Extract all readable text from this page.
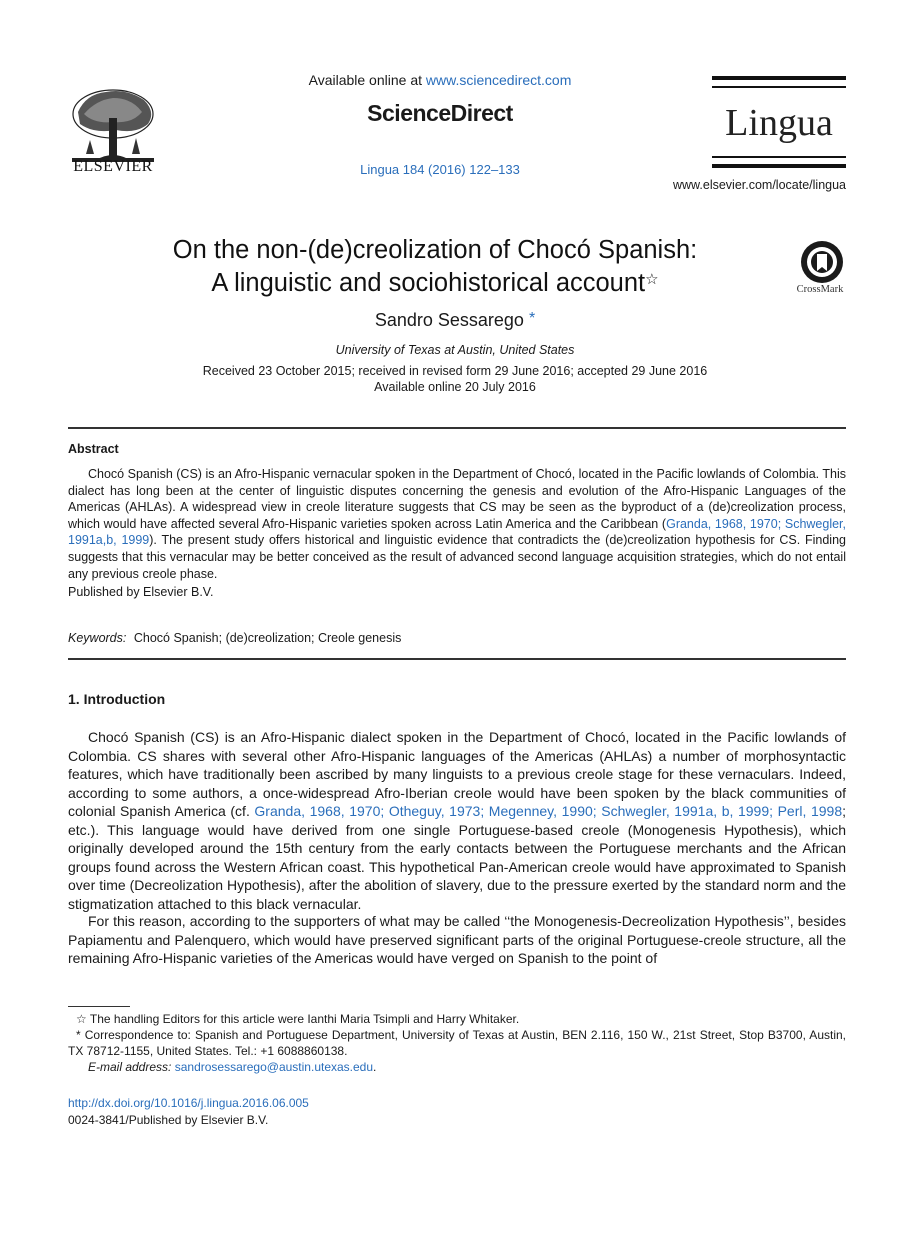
ELSEVIER
Available online at www.sciencedirect.com
ScienceDirect
Lingua 184 (2016) 122–133
Lingua
www.elsevier.com/locate/lingua
On the non-(de)creolization of Chocó Spanish:
A linguistic and sociohistorical account☆
CrossMark
Sandro Sessarego *
University of Texas at Austin, United States
Received 23 October 2015; received in revised form 29 June 2016; accepted 29 June 2016
Available online 20 July 2016
Abstract
Chocó Spanish (CS) is an Afro-Hispanic vernacular spoken in the Department of Chocó, located in the Pacific lowlands of Colombia. This dialect has long been at the center of linguistic disputes concerning the genesis and evolution of the Afro-Hispanic Languages of the Americas (AHLAs). A widespread view in creole literature suggests that CS may be seen as the byproduct of a (de)creolization process, which would have affected several Afro-Hispanic varieties spoken across Latin America and the Caribbean (Granda, 1968, 1970; Schwegler, 1991a,b, 1999). The present study offers historical and linguistic evidence that contradicts the (de)creolization hypothesis for CS. Finding suggests that this vernacular may be better conceived as the result of advanced second language acquisition strategies, which do not entail any previous creole phase.
Published by Elsevier B.V.
Keywords: Chocó Spanish; (de)creolization; Creole genesis
1. Introduction
Chocó Spanish (CS) is an Afro-Hispanic dialect spoken in the Department of Chocó, located in the Pacific lowlands of Colombia. CS shares with several other Afro-Hispanic languages of the Americas (AHLAs) a number of morphosyntactic features, which have traditionally been ascribed by many linguists to a previous creole stage for these vernaculars. Indeed, according to some authors, a once-widespread Afro-Iberian creole would have been spoken by the black communities of colonial Spanish America (cf. Granda, 1968, 1970; Otheguy, 1973; Megenney, 1990; Schwegler, 1991a, b, 1999; Perl, 1998; etc.). This language would have derived from one single Portuguese-based creole (Monogenesis Hypothesis), which originally developed around the 15th century from the early contacts between the Portuguese merchants and the African groups found across the Western African coast. This hypothetical Pan-American creole would have approximated to Spanish over time (Decreolization Hypothesis), after the abolition of slavery, due to the pressure exerted by the standard norm and the stigmatization attached to this black vernacular.
For this reason, according to the supporters of what may be called ‘‘the Monogenesis-Decreolization Hypothesis’’, besides Papiamentu and Palenquero, which would have preserved significant parts of the original Portuguese-creole structure, all the remaining Afro-Hispanic varieties of the Americas would have verged on Spanish to the point of
☆ The handling Editors for this article were Ianthi Maria Tsimpli and Harry Whitaker.
* Correspondence to: Spanish and Portuguese Department, University of Texas at Austin, BEN 2.116, 150 W., 21st Street, Stop B3700, Austin, TX 78712-1155, United States. Tel.: +1 6088860138.
E-mail address: sandrosessarego@austin.utexas.edu.
http://dx.doi.org/10.1016/j.lingua.2016.06.005
0024-3841/Published by Elsevier B.V.
